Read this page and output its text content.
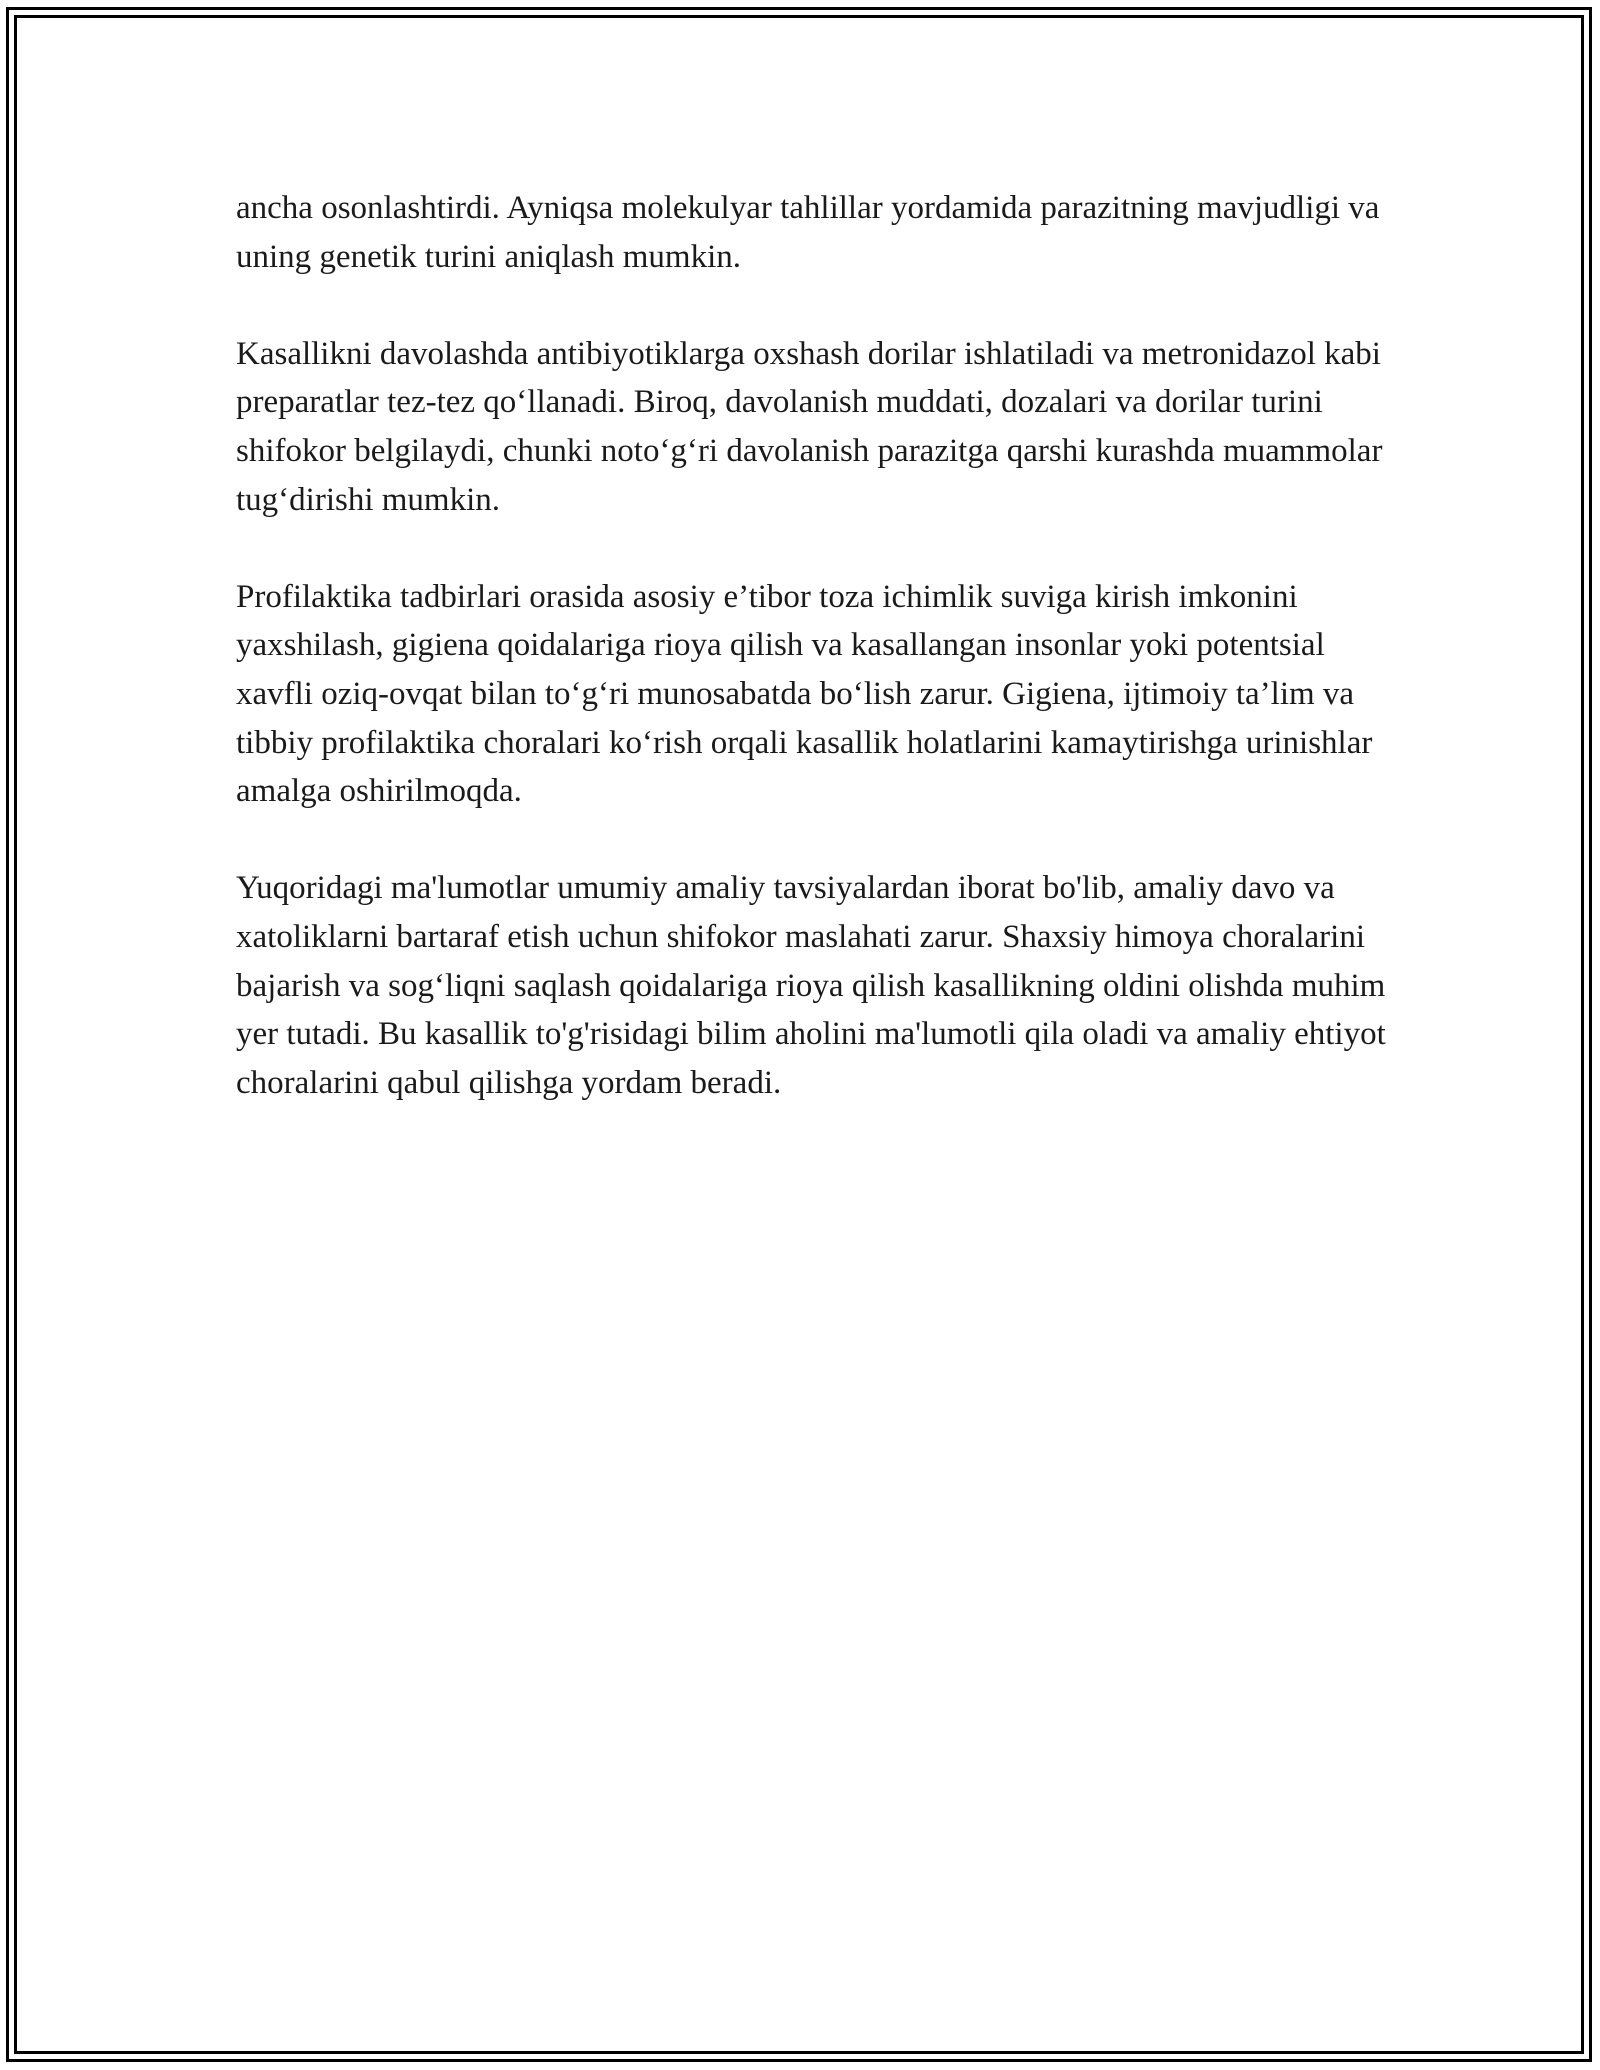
ancha osonlashtirdi. Ayniqsa molekulyar tahlillar yordamida parazitning mavjudligi va uning genetik turini aniqlash mumkin.

Kasallikni davolashda antibiyotiklarga oxshash dorilar ishlatiladi va metronidazol kabi preparatlar tez-tez qo‘llanadi. Biroq, davolanish muddati, dozalari va dorilar turini shifokor belgilaydi, chunki noto‘g‘ri davolanish parazitga qarshi kurashda muammolar tug‘dirishi mumkin.

Profilaktika tadbirlari orasida asosiy e’tibor toza ichimlik suviga kirish imkonini yaxshilash, gigiena qoidalariga rioya qilish va kasallangan insonlar yoki potentsial xavfli oziq-ovqat bilan to‘g‘ri munosabatda bo‘lish zarur. Gigiena, ijtimoiy ta’lim va tibbiy profilaktika choralari ko‘rish orqali kasallik holatlarini kamaytirishga urinishlar amalga oshirilmoqda.

Yuqoridagi ma'lumotlar umumiy amaliy tavsiyalardan iborat bo'lib, amaliy davo va xatoliklarni bartaraf etish uchun shifokor maslahati zarur. Shaxsiy himoya choralarini bajarish va sog‘liqni saqlash qoidalariga rioya qilish kasallikning oldini olishda muhim yer tutadi. Bu kasallik to'g'risidagi bilim aholini ma'lumotli qila oladi va amaliy ehtiyot choralarini qabul qilishga yordam beradi.
